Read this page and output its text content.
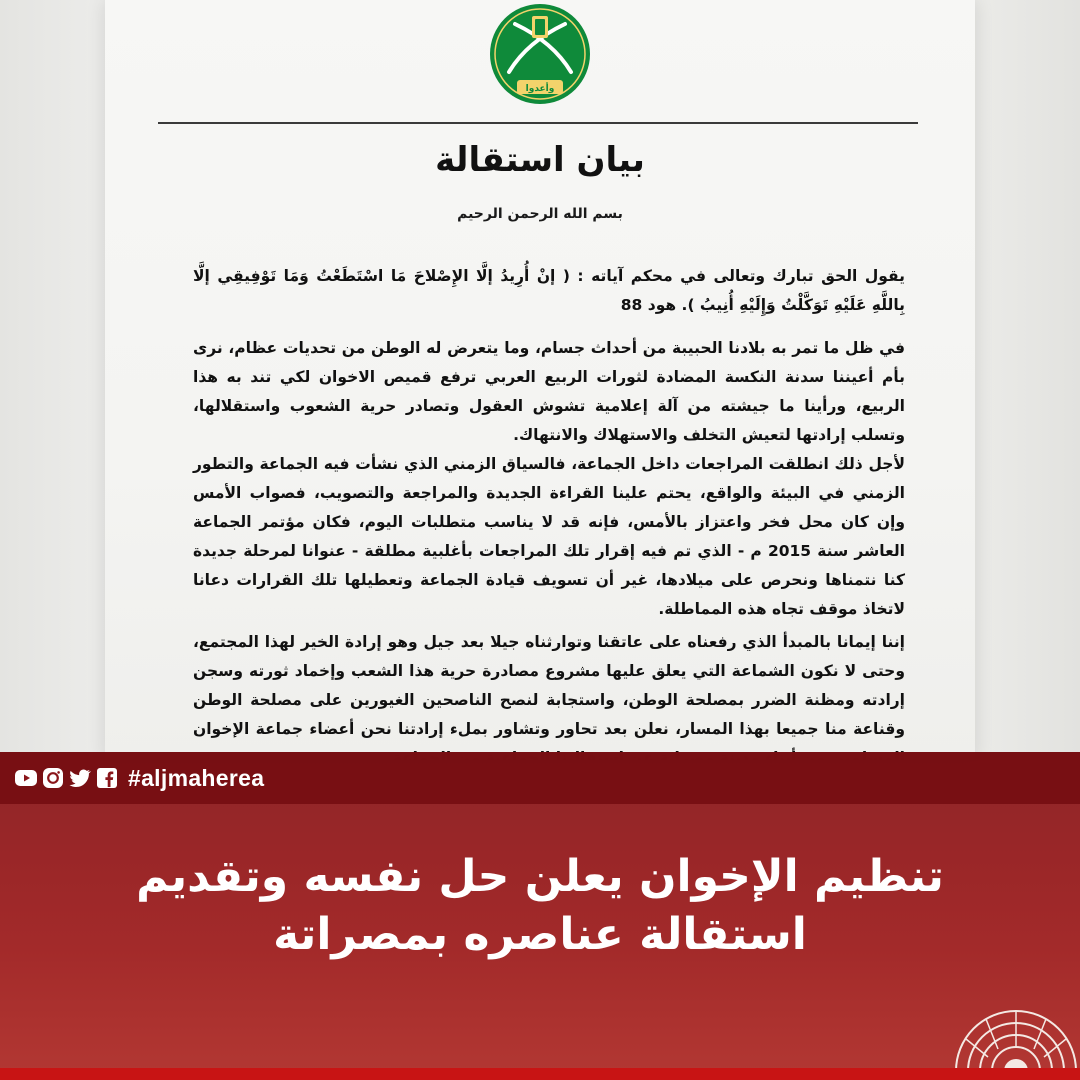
وأعدوا
بيان استقالة
بسم الله الرحمن الرحيم

يقول الحق تبارك وتعالى في محكم آياته : ( إنْ أُرِيدُ إلَّا الإِصْلاحَ مَا اسْتَطَعْتُ وَمَا تَوْفِيقِي إلَّا بِاللَّهِ عَلَيْهِ تَوَكَّلْتُ وَإِلَيْهِ أُنِيبُ ). هود 88

في ظل ما تمر به بلادنا الحبيبة من أحداث جسام، وما يتعرض له الوطن من تحديات عظام، نرى بأم أعيننا سدنة النكسة المضادة لثورات الربيع العربي ترفع قميص الاخوان لكي تند به هذا الربيع، ورأينا ما جيشته من آلة إعلامية تشوش العقول وتصادر حرية الشعوب واستقلالها، وتسلب إرادتها لتعيش التخلف والاستهلاك والانتهاك.

لأجل ذلك انطلقت المراجعات داخل الجماعة، فالسياق الزمني الذي نشأت فيه الجماعة والتطور الزمني في البيئة والواقع، يحتم علينا القراءة الجديدة والمراجعة والتصويب، فصواب الأمس وإن كان محل فخر واعتزاز بالأمس، فإنه قد لا يناسب متطلبات اليوم، فكان مؤتمر الجماعة العاشر سنة 2015 م - الذي تم فيه إقرار تلك المراجعات بأغلبية مطلقة - عنوانا لمرحلة جديدة كنا نتمناها ونحرص على ميلادها، غير أن تسويف قيادة الجماعة وتعطيلها تلك القرارات دعانا لاتخاذ موقف تجاه هذه المماطلة.

إننا إيمانا بالمبدأ الذي رفعناه على عاتقنا وتوارثناه جيلا بعد جيل وهو إرادة الخير لهذا المجتمع، وحتى لا نكون الشماعة التي يعلق عليها مشروع مصادرة حرية هذا الشعب وإخماد ثورته وسجن إرادته ومظنة الضرر بمصلحة الوطن، واستجابة لنصح الناصحين الغيورين على مصلحة الوطن وقناعة منا جميعا بهذا المسار، نعلن بعد تحاور وتشاور بملء إرادتنا نحن أعضاء جماعة الإخوان

#aljmaherea
تنظيم الإخوان يعلن حل نفسه وتقديم
استقالة عناصره بمصراتة
